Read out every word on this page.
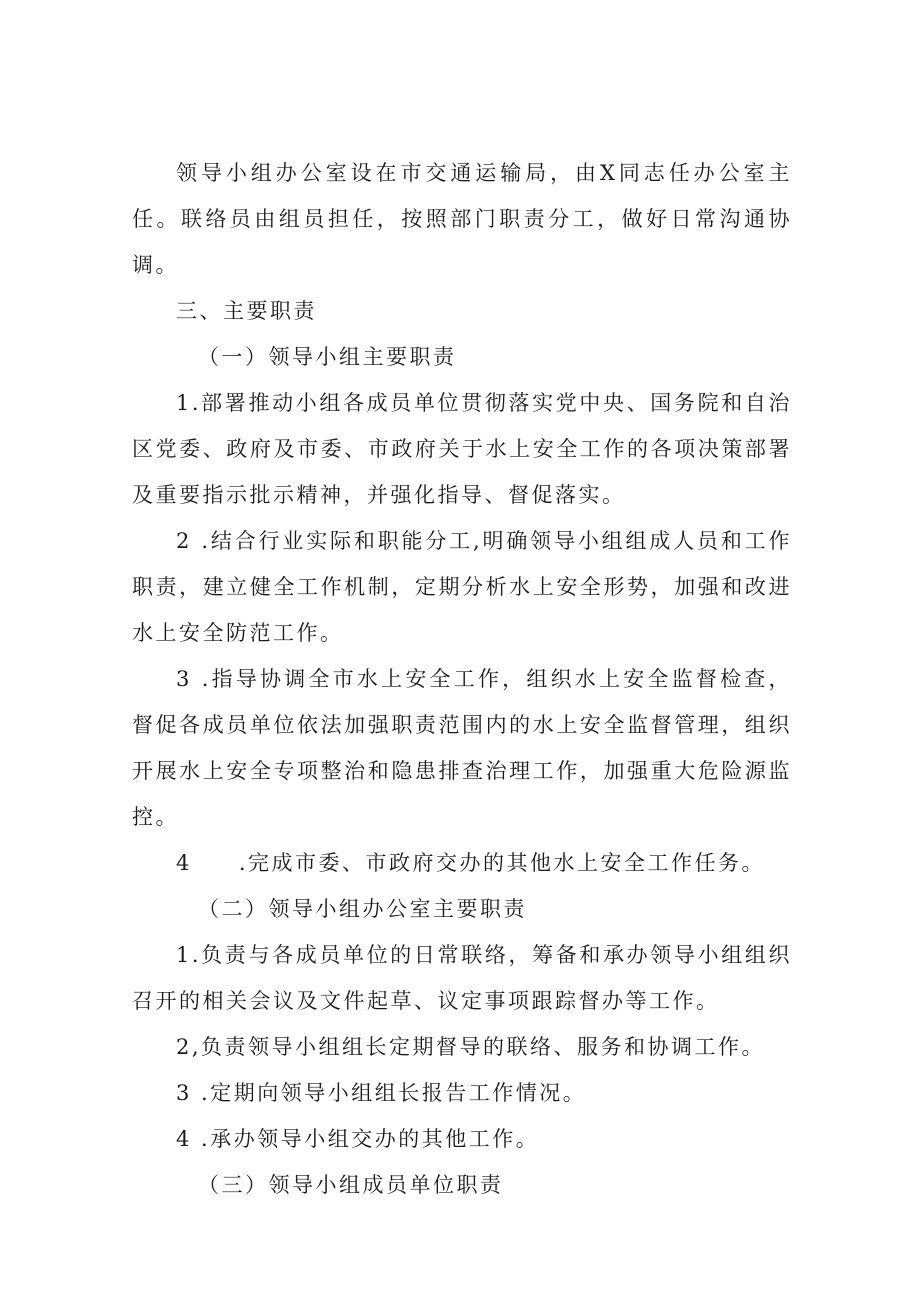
领导小组办公室设在市交通运输局，由X同志任办公室主任。联络员由组员担任，按照部门职责分工，做好日常沟通协调。

三、主要职责

（一）领导小组主要职责

1.部署推动小组各成员单位贯彻落实党中央、国务院和自治区党委、政府及市委、市政府关于水上安全工作的各项决策部署及重要指示批示精神，并强化指导、督促落实。

2 .结合行业实际和职能分工,明确领导小组组成人员和工作职责，建立健全工作机制，定期分析水上安全形势，加强和改进水上安全防范工作。

3 .指导协调全市水上安全工作，组织水上安全监督检查，督促各成员单位依法加强职责范围内的水上安全监督管理，组织开展水上安全专项整治和隐患排查治理工作，加强重大危险源监控。

4　　.完成市委、市政府交办的其他水上安全工作任务。

（二）领导小组办公室主要职责

1.负责与各成员单位的日常联络，筹备和承办领导小组组织召开的相关会议及文件起草、议定事项跟踪督办等工作。

2,负责领导小组组长定期督导的联络、服务和协调工作。

3 .定期向领导小组组长报告工作情况。

4 .承办领导小组交办的其他工作。

（三）领导小组成员单位职责
